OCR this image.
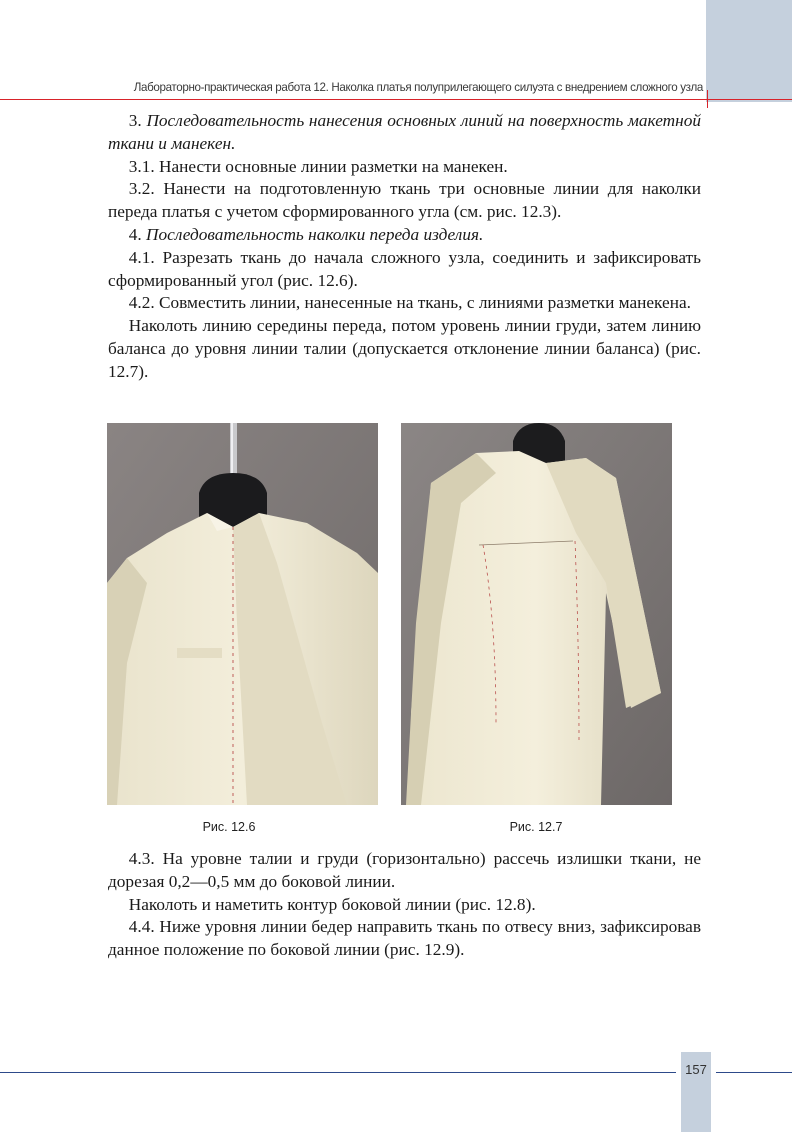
Лабораторно-практическая работа 12. Наколка платья полуприлегающего силуэта с внедрением сложного узла

3. Последовательность нанесения основных линий на поверхность макетной ткани и манекен.

3.1. Нанести основные линии разметки на манекен.

3.2. Нанести на подготовленную ткань три основные линии для наколки переда платья с учетом сформированного угла (см. рис. 12.3).

4. Последовательность наколки переда изделия.

4.1. Разрезать ткань до начала сложного узла, соединить и зафиксировать сформированный угол (рис. 12.6).

4.2. Совместить линии, нанесенные на ткань, с линиями разметки манекена.

Наколоть линию середины переда, потом уровень линии груди, затем линию баланса до уровня линии талии (допускается отклонение линии баланса) (рис. 12.7).

Рис. 12.6	Рис. 12.7

4.3. На уровне талии и груди (горизонтально) рассечь излишки ткани, не дорезая 0,2—0,5 мм до боковой линии.

Наколоть и наметить контур боковой линии (рис. 12.8).

4.4. Ниже уровня линии бедер направить ткань по отвесу вниз, зафиксировав данное положение по боковой линии (рис. 12.9).

157
